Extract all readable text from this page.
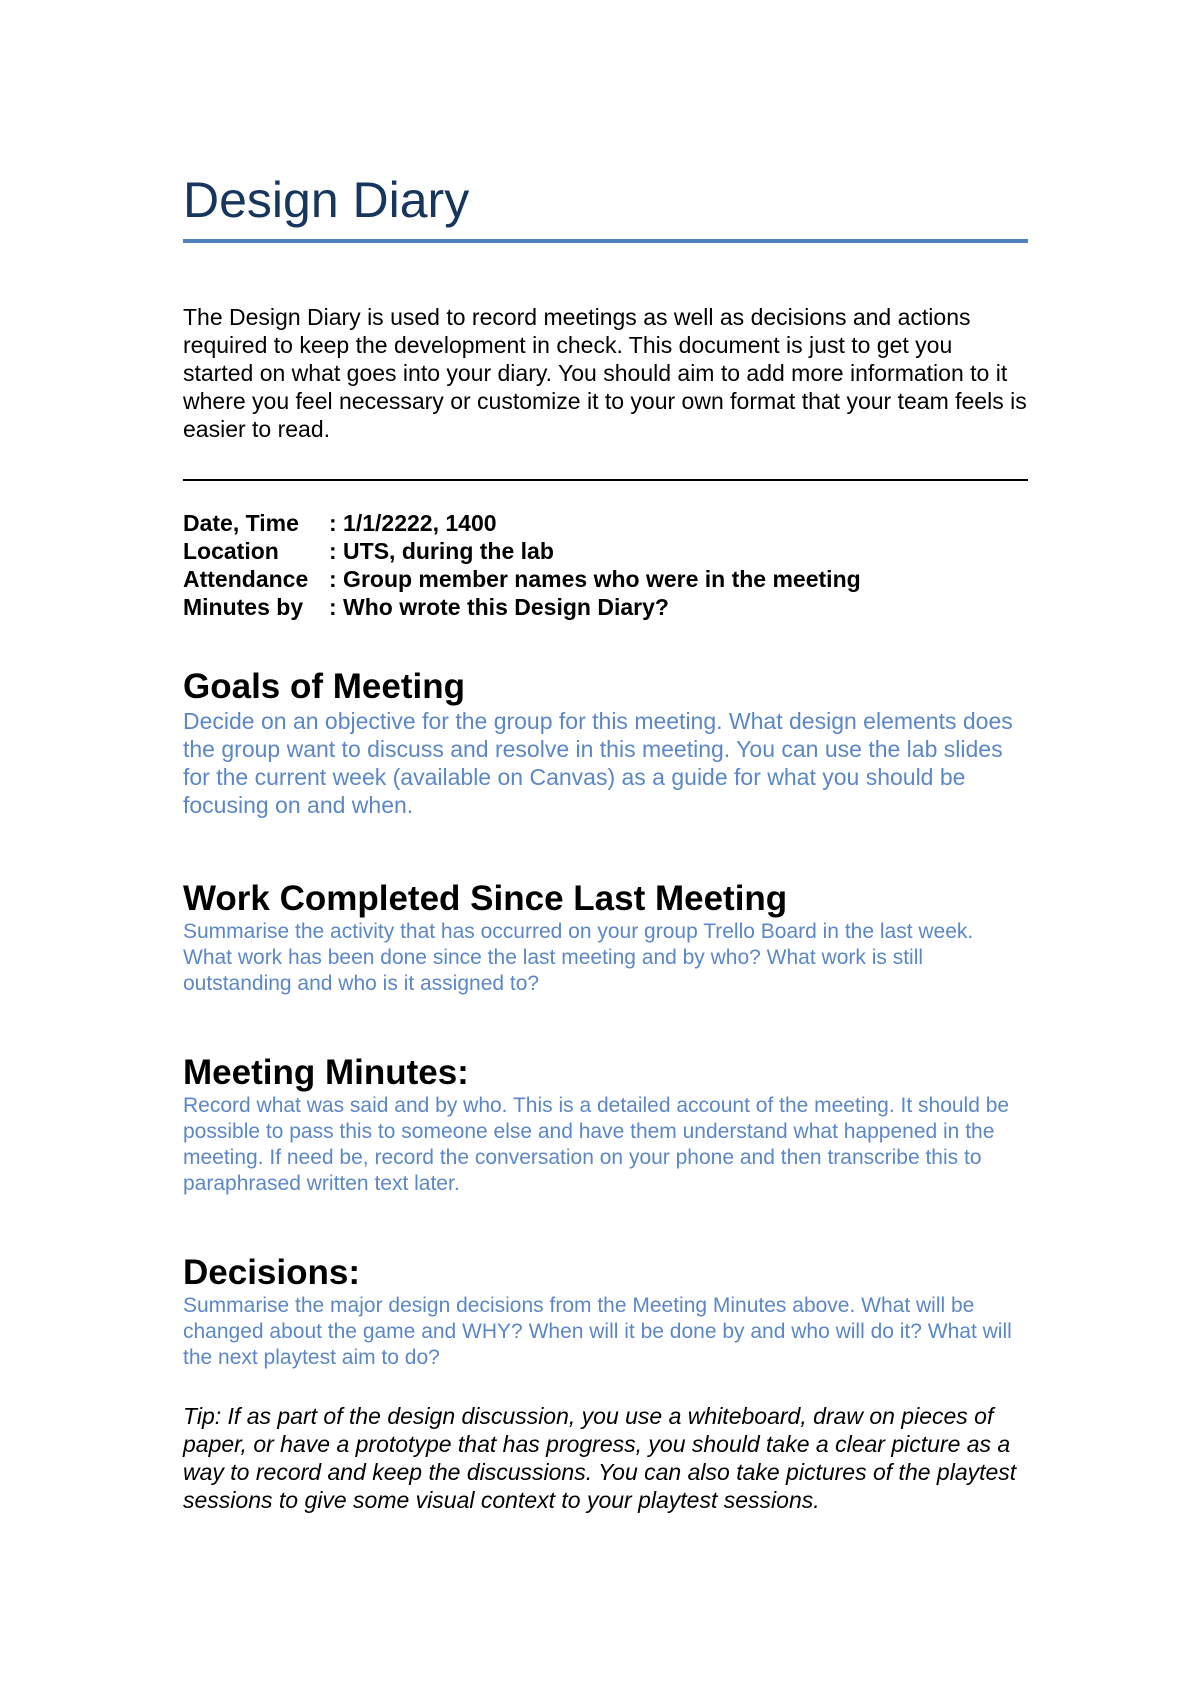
Design Diary
The Design Diary is used to record meetings as well as decisions and actions required to keep the development in check. This document is just to get you started on what goes into your diary. You should aim to add more information to it where you feel necessary or customize it to your own format that your team feels is easier to read.
Date, Time	: 1/1/2222, 1400
Location	: UTS, during the lab
Attendance	: Group member names who were in the meeting
Minutes by	: Who wrote this Design Diary?
Goals of Meeting
Decide on an objective for the group for this meeting. What design elements does the group want to discuss and resolve in this meeting. You can use the lab slides for the current week (available on Canvas) as a guide for what you should be focusing on and when.
Work Completed Since Last Meeting
Summarise the activity that has occurred on your group Trello Board in the last week. What work has been done since the last meeting and by who? What work is still outstanding and who is it assigned to?
Meeting Minutes:
Record what was said and by who. This is a detailed account of the meeting. It should be possible to pass this to someone else and have them understand what happened in the meeting. If need be, record the conversation on your phone and then transcribe this to paraphrased written text later.
Decisions:
Summarise the major design decisions from the Meeting Minutes above. What will be changed about the game and WHY? When will it be done by and who will do it? What will the next playtest aim to do?
Tip: If as part of the design discussion, you use a whiteboard, draw on pieces of paper, or have a prototype that has progress, you should take a clear picture as a way to record and keep the discussions. You can also take pictures of the playtest sessions to give some visual context to your playtest sessions.
